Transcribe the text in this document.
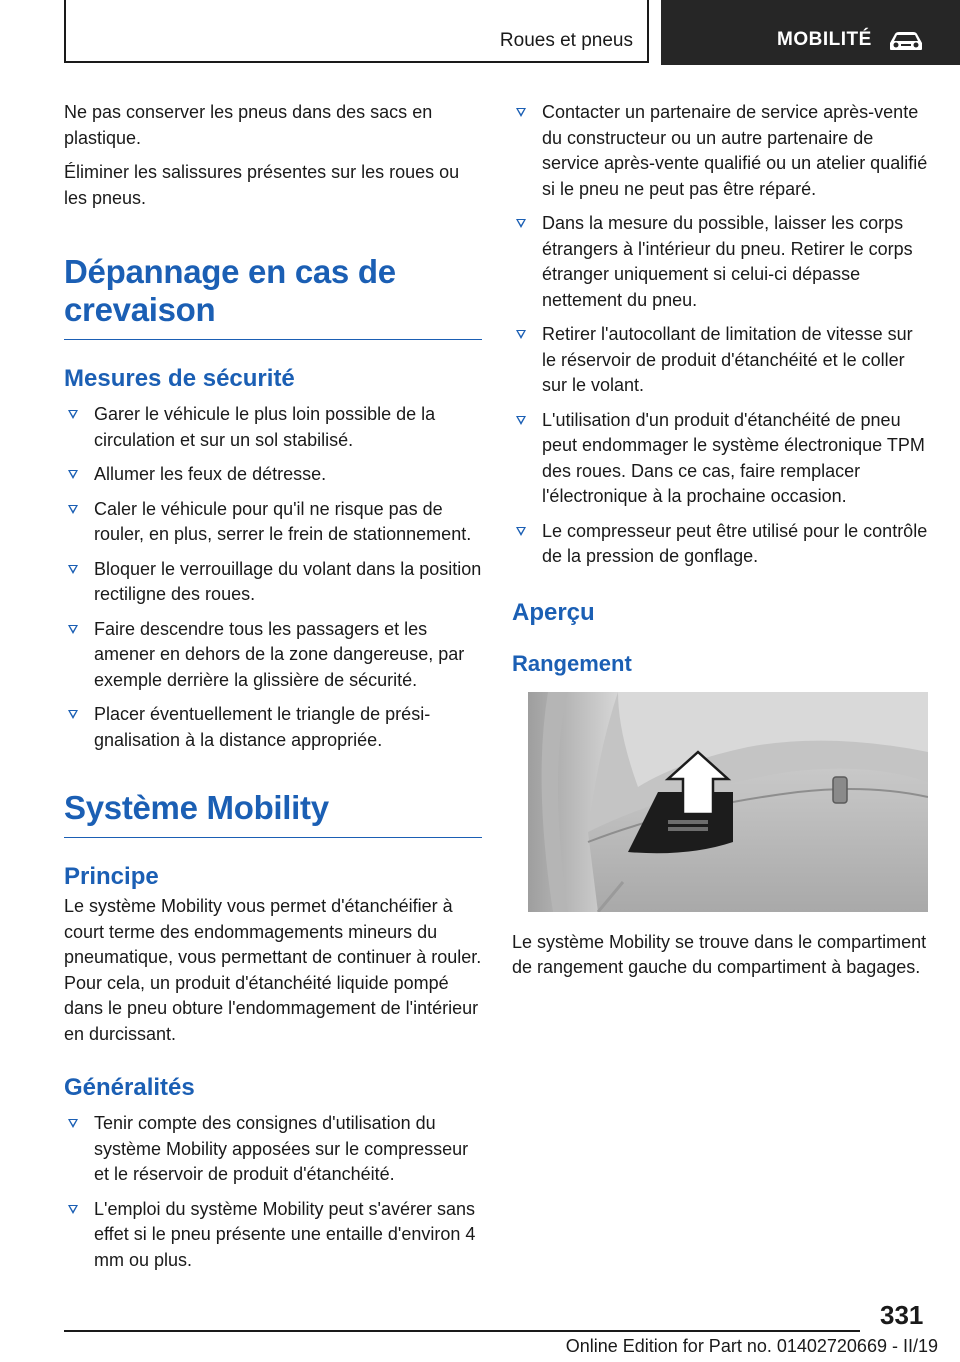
Roues et pneus	MOBILITÉ

Ne pas conserver les pneus dans des sacs en plastique.

Éliminer les salissures présentes sur les roues ou les pneus.

Dépannage en cas de crevaison
Mesures de sécurité
Garer le véhicule le plus loin possible de la circulation et sur un sol stabilisé.
Allumer les feux de détresse.
Caler le véhicule pour qu'il ne risque pas de rouler, en plus, serrer le frein de stationnement.
Bloquer le verrouillage du volant dans la position rectiligne des roues.
Faire descendre tous les passagers et les amener en dehors de la zone dangereuse, par exemple derrière la glissière de sécurité.
Placer éventuellement le triangle de présignalisation à la distance appropriée.
Système Mobility
Principe

Le système Mobility vous permet d'étanchéifier à court terme des endommagements mineurs du pneumatique, vous permettant de continuer à rouler. Pour cela, un produit d'étanchéité liquide pompé dans le pneu obture l'endommagement de l'intérieur en durcissant.

Généralités
Tenir compte des consignes d'utilisation du système Mobility apposées sur le compresseur et le réservoir de produit d'étanchéité.
L'emploi du système Mobility peut s'avérer sans effet si le pneu présente une entaille d'environ 4 mm ou plus.
Contacter un partenaire de service après-vente du constructeur ou un autre partenaire de service après-vente qualifié ou un atelier qualifié si le pneu ne peut pas être réparé.
Dans la mesure du possible, laisser les corps étrangers à l'intérieur du pneu. Retirer le corps étranger uniquement si celui-ci dépasse nettement du pneu.
Retirer l'autocollant de limitation de vitesse sur le réservoir de produit d'étanchéité et le coller sur le volant.
L'utilisation d'un produit d'étanchéité de pneu peut endommager le système électronique TPM des roues. Dans ce cas, faire remplacer l'électronique à la prochaine occasion.
Le compresseur peut être utilisé pour le contrôle de la pression de gonflage.
Aperçu
Rangement

Le système Mobility se trouve dans le compartiment de rangement gauche du compartiment à bagages.

331
Online Edition for Part no. 01402720669 - II/19
